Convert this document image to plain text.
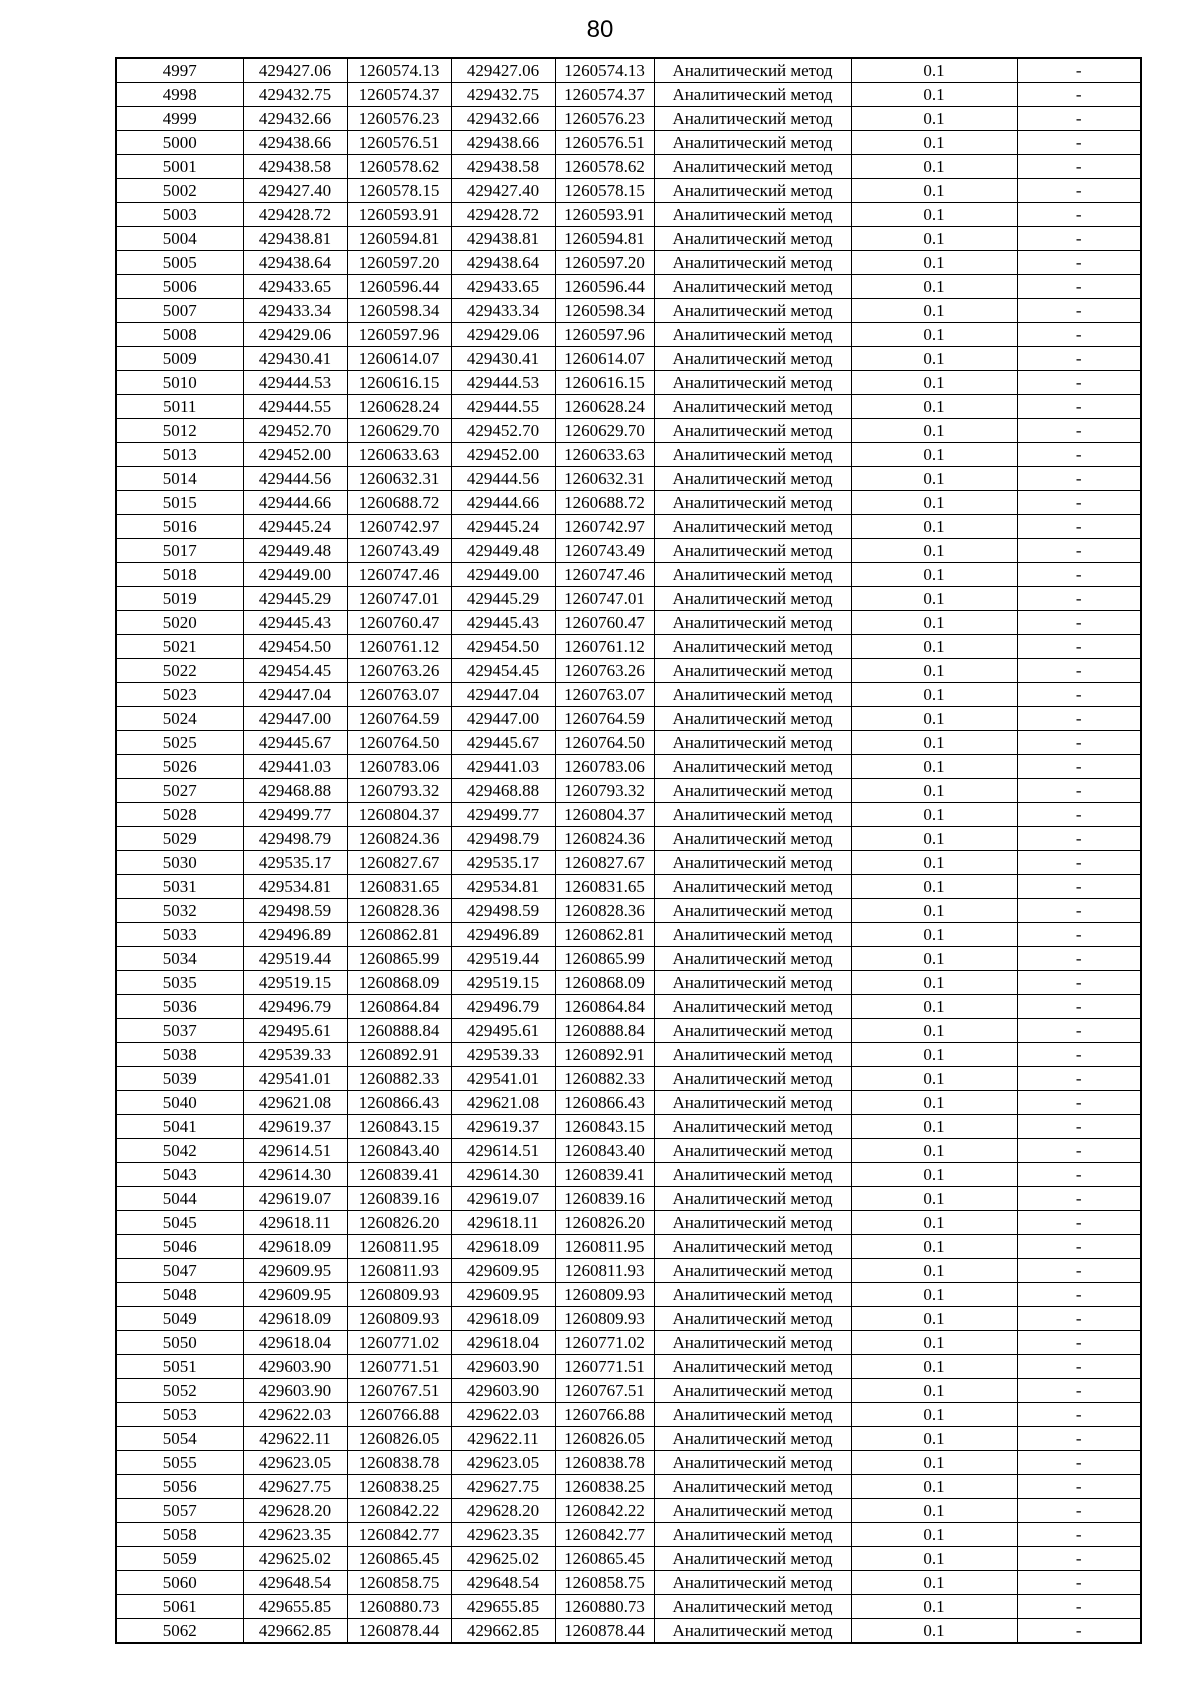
80
4997	429427.06	1260574.13	429427.06	1260574.13	Аналитический метод	0.1	-
4998	429432.75	1260574.37	429432.75	1260574.37	Аналитический метод	0.1	-
4999	429432.66	1260576.23	429432.66	1260576.23	Аналитический метод	0.1	-
5000	429438.66	1260576.51	429438.66	1260576.51	Аналитический метод	0.1	-
5001	429438.58	1260578.62	429438.58	1260578.62	Аналитический метод	0.1	-
5002	429427.40	1260578.15	429427.40	1260578.15	Аналитический метод	0.1	-
5003	429428.72	1260593.91	429428.72	1260593.91	Аналитический метод	0.1	-
5004	429438.81	1260594.81	429438.81	1260594.81	Аналитический метод	0.1	-
5005	429438.64	1260597.20	429438.64	1260597.20	Аналитический метод	0.1	-
5006	429433.65	1260596.44	429433.65	1260596.44	Аналитический метод	0.1	-
5007	429433.34	1260598.34	429433.34	1260598.34	Аналитический метод	0.1	-
5008	429429.06	1260597.96	429429.06	1260597.96	Аналитический метод	0.1	-
5009	429430.41	1260614.07	429430.41	1260614.07	Аналитический метод	0.1	-
5010	429444.53	1260616.15	429444.53	1260616.15	Аналитический метод	0.1	-
5011	429444.55	1260628.24	429444.55	1260628.24	Аналитический метод	0.1	-
5012	429452.70	1260629.70	429452.70	1260629.70	Аналитический метод	0.1	-
5013	429452.00	1260633.63	429452.00	1260633.63	Аналитический метод	0.1	-
5014	429444.56	1260632.31	429444.56	1260632.31	Аналитический метод	0.1	-
5015	429444.66	1260688.72	429444.66	1260688.72	Аналитический метод	0.1	-
5016	429445.24	1260742.97	429445.24	1260742.97	Аналитический метод	0.1	-
5017	429449.48	1260743.49	429449.48	1260743.49	Аналитический метод	0.1	-
5018	429449.00	1260747.46	429449.00	1260747.46	Аналитический метод	0.1	-
5019	429445.29	1260747.01	429445.29	1260747.01	Аналитический метод	0.1	-
5020	429445.43	1260760.47	429445.43	1260760.47	Аналитический метод	0.1	-
5021	429454.50	1260761.12	429454.50	1260761.12	Аналитический метод	0.1	-
5022	429454.45	1260763.26	429454.45	1260763.26	Аналитический метод	0.1	-
5023	429447.04	1260763.07	429447.04	1260763.07	Аналитический метод	0.1	-
5024	429447.00	1260764.59	429447.00	1260764.59	Аналитический метод	0.1	-
5025	429445.67	1260764.50	429445.67	1260764.50	Аналитический метод	0.1	-
5026	429441.03	1260783.06	429441.03	1260783.06	Аналитический метод	0.1	-
5027	429468.88	1260793.32	429468.88	1260793.32	Аналитический метод	0.1	-
5028	429499.77	1260804.37	429499.77	1260804.37	Аналитический метод	0.1	-
5029	429498.79	1260824.36	429498.79	1260824.36	Аналитический метод	0.1	-
5030	429535.17	1260827.67	429535.17	1260827.67	Аналитический метод	0.1	-
5031	429534.81	1260831.65	429534.81	1260831.65	Аналитический метод	0.1	-
5032	429498.59	1260828.36	429498.59	1260828.36	Аналитический метод	0.1	-
5033	429496.89	1260862.81	429496.89	1260862.81	Аналитический метод	0.1	-
5034	429519.44	1260865.99	429519.44	1260865.99	Аналитический метод	0.1	-
5035	429519.15	1260868.09	429519.15	1260868.09	Аналитический метод	0.1	-
5036	429496.79	1260864.84	429496.79	1260864.84	Аналитический метод	0.1	-
5037	429495.61	1260888.84	429495.61	1260888.84	Аналитический метод	0.1	-
5038	429539.33	1260892.91	429539.33	1260892.91	Аналитический метод	0.1	-
5039	429541.01	1260882.33	429541.01	1260882.33	Аналитический метод	0.1	-
5040	429621.08	1260866.43	429621.08	1260866.43	Аналитический метод	0.1	-
5041	429619.37	1260843.15	429619.37	1260843.15	Аналитический метод	0.1	-
5042	429614.51	1260843.40	429614.51	1260843.40	Аналитический метод	0.1	-
5043	429614.30	1260839.41	429614.30	1260839.41	Аналитический метод	0.1	-
5044	429619.07	1260839.16	429619.07	1260839.16	Аналитический метод	0.1	-
5045	429618.11	1260826.20	429618.11	1260826.20	Аналитический метод	0.1	-
5046	429618.09	1260811.95	429618.09	1260811.95	Аналитический метод	0.1	-
5047	429609.95	1260811.93	429609.95	1260811.93	Аналитический метод	0.1	-
5048	429609.95	1260809.93	429609.95	1260809.93	Аналитический метод	0.1	-
5049	429618.09	1260809.93	429618.09	1260809.93	Аналитический метод	0.1	-
5050	429618.04	1260771.02	429618.04	1260771.02	Аналитический метод	0.1	-
5051	429603.90	1260771.51	429603.90	1260771.51	Аналитический метод	0.1	-
5052	429603.90	1260767.51	429603.90	1260767.51	Аналитический метод	0.1	-
5053	429622.03	1260766.88	429622.03	1260766.88	Аналитический метод	0.1	-
5054	429622.11	1260826.05	429622.11	1260826.05	Аналитический метод	0.1	-
5055	429623.05	1260838.78	429623.05	1260838.78	Аналитический метод	0.1	-
5056	429627.75	1260838.25	429627.75	1260838.25	Аналитический метод	0.1	-
5057	429628.20	1260842.22	429628.20	1260842.22	Аналитический метод	0.1	-
5058	429623.35	1260842.77	429623.35	1260842.77	Аналитический метод	0.1	-
5059	429625.02	1260865.45	429625.02	1260865.45	Аналитический метод	0.1	-
5060	429648.54	1260858.75	429648.54	1260858.75	Аналитический метод	0.1	-
5061	429655.85	1260880.73	429655.85	1260880.73	Аналитический метод	0.1	-
5062	429662.85	1260878.44	429662.85	1260878.44	Аналитический метод	0.1	-
